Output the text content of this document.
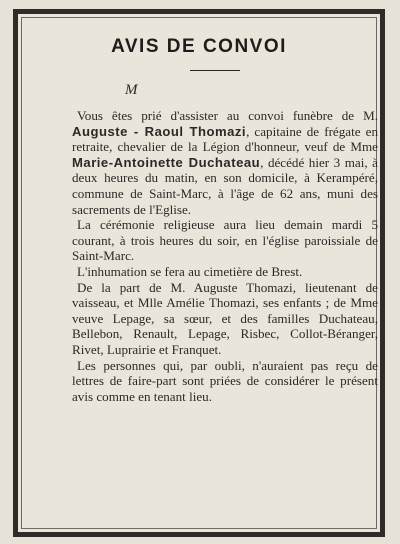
AVIS DE CONVOI
M

Vous êtes prié d'assister au convoi funèbre de M. Auguste - Raoul Thomazi, capitaine de frégate en retraite, chevalier de la Légion d'honneur, veuf de Mme Marie-Antoinette Duchateau, décédé hier 3 mai, à deux heures du matin, en son domicile, à Kerampéré, commune de Saint-Marc, à l'âge de 62 ans, muni des sacrements de l'Eglise.

La cérémonie religieuse aura lieu demain mardi 5 courant, à trois heures du soir, en l'église paroissiale de Saint-Marc.

L'inhumation se fera au cimetière de Brest.

De la part de M. Auguste Thomazi, lieutenant de vaisseau, et Mlle Amélie Thomazi, ses enfants ; de Mme veuve Lepage, sa sœur, et des familles Duchateau, Bellebon, Renault, Lepage, Risbec, Collot-Béranger, Rivet, Luprairie et Franquet.

Les personnes qui, par oubli, n'auraient pas reçu de lettres de faire-part sont priées de considérer le présent avis comme en tenant lieu.
